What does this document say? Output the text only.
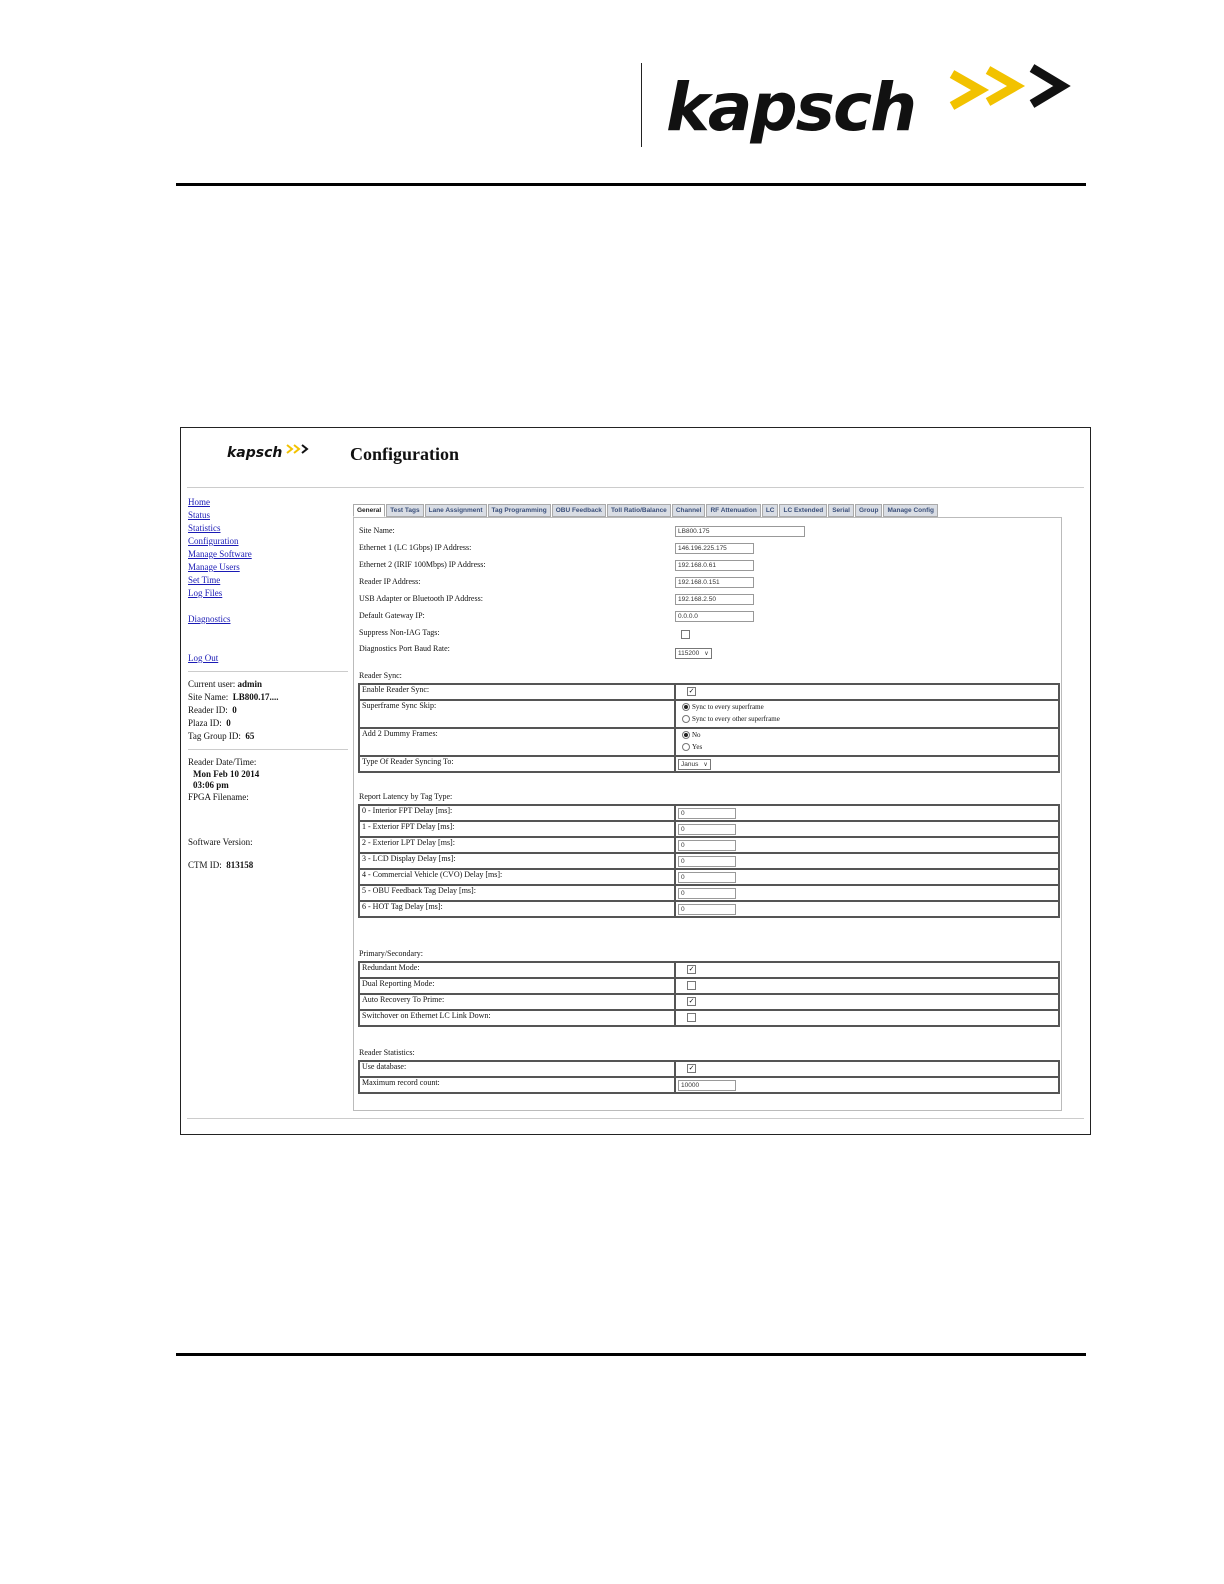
kapsch
kapsch	Configuration
Home
Status
Statistics
Configuration
Manage Software
Manage Users
Set Time
Log Files
Diagnostics
Log Out
Current user: admin
Site Name: LB800.17....
Reader ID: 0
Plaza ID: 0
Tag Group ID: 65
Reader Date/Time:
Mon Feb 10 2014
03:06 pm
FPGA Filename:
Software Version:
CTM ID: 813158
General	Test Tags	Lane Assignment	Tag Programming	OBU Feedback	Toll Ratio/Balance	Channel	RF Attenuation	LC	LC Extended	Serial	Group	Manage Config
Site Name:	LB800.175
Ethernet 1 (LC 1Gbps) IP Address:	146.196.225.175
Ethernet 2 (IRIF 100Mbps) IP Address:	192.168.0.61
Reader IP Address:	192.168.0.151
USB Adapter or Bluetooth IP Address:	192.168.2.50
Default Gateway IP:	0.0.0.0
Suppress Non-IAG Tags:
Diagnostics Port Baud Rate:
115200 ∨
Reader Sync:
Enable Reader Sync:	✓
Superframe Sync Skip:	Sync to every superframe
Sync to every other superframe

Add 2 Dummy Frames:	No
Yes

Type Of Reader Syncing To:	Janus ∨
Report Latency by Tag Type:
0 - Interior FPT Delay [ms]:	0
1 - Exterior FPT Delay [ms]:	0
2 - Exterior LPT Delay [ms]:	0
3 - LCD Display Delay [ms]:	0
4 - Commercial Vehicle (CVO) Delay [ms]:	0
5 - OBU Feedback Tag Delay [ms]:	0
6 - HOT Tag Delay [ms]:	0
Primary/Secondary:
Redundant Mode:	✓
Dual Reporting Mode:	
Auto Recovery To Prime:	✓
Switchover on Ethernet LC Link Down:	
Reader Statistics:
Use database:	✓
Maximum record count:	10000
